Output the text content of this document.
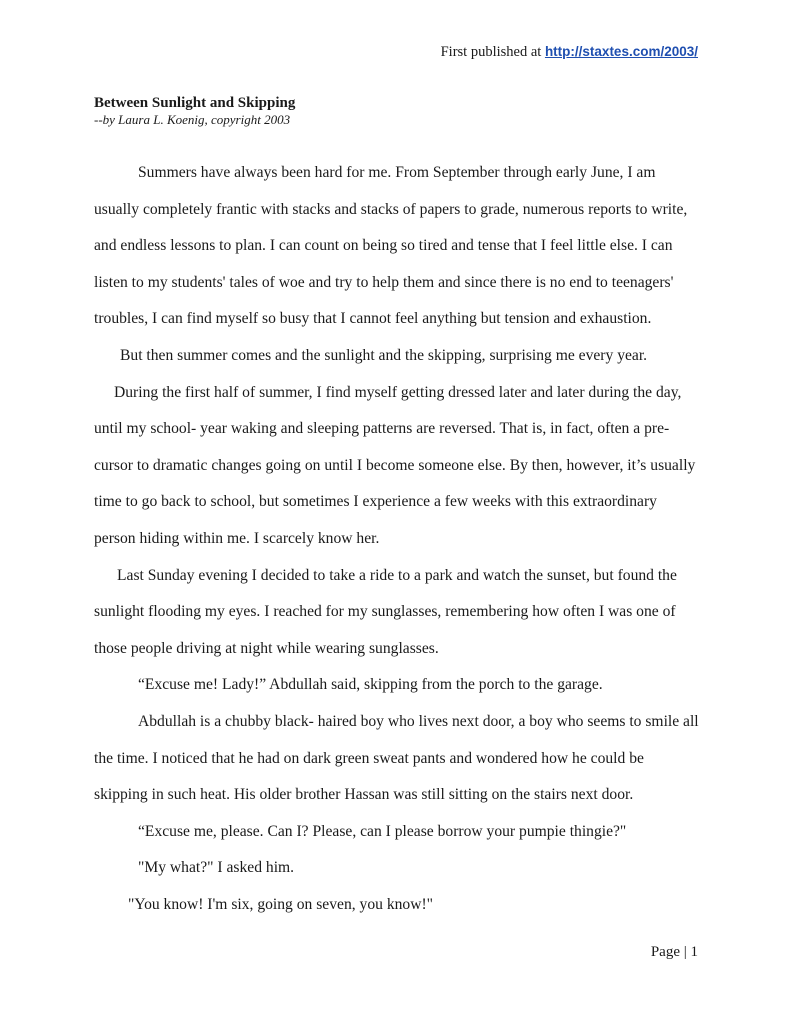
First published at http://staxtes.com/2003/
Between Sunlight and Skipping
--by Laura L. Koenig, copyright 2003

Summers have always been hard for me. From September through early June, I am

usually completely frantic with stacks and stacks of papers to grade, numerous reports to write,

and endless lessons to plan. I can count on being so tired and tense that I feel little else. I can

listen to my students' tales of woe and try to help them and since there is no end to teenagers'

troubles, I can find myself so busy that I cannot feel anything but tension and exhaustion.

But then summer comes and the sunlight and the skipping, surprising me every year.

During the first half of summer, I find myself getting dressed later and later during the day,

until my school- year waking and sleeping patterns are reversed. That is, in fact, often a pre-

cursor to dramatic changes going on until I become someone else. By then, however, it’s usually

time to go back to school, but sometimes I experience a few weeks with this extraordinary

person hiding within me. I scarcely know her.

Last Sunday evening I decided to take a ride to a park and watch the sunset, but found the

sunlight flooding my eyes. I reached for my sunglasses, remembering how often I was one of

those people driving at night while wearing sunglasses.

“Excuse me! Lady!” Abdullah said, skipping from the porch to the garage.

Abdullah is a chubby black- haired boy who lives next door, a boy who seems to smile all

the time. I noticed that he had on dark green sweat pants and wondered how he could be

skipping in such heat. His older brother Hassan was still sitting on the stairs next door.

“Excuse me, please. Can I? Please, can I please borrow your pumpie thingie?"

"My what?" I asked him.

"You know! I'm six, going on seven, you know!"

Page | 1
